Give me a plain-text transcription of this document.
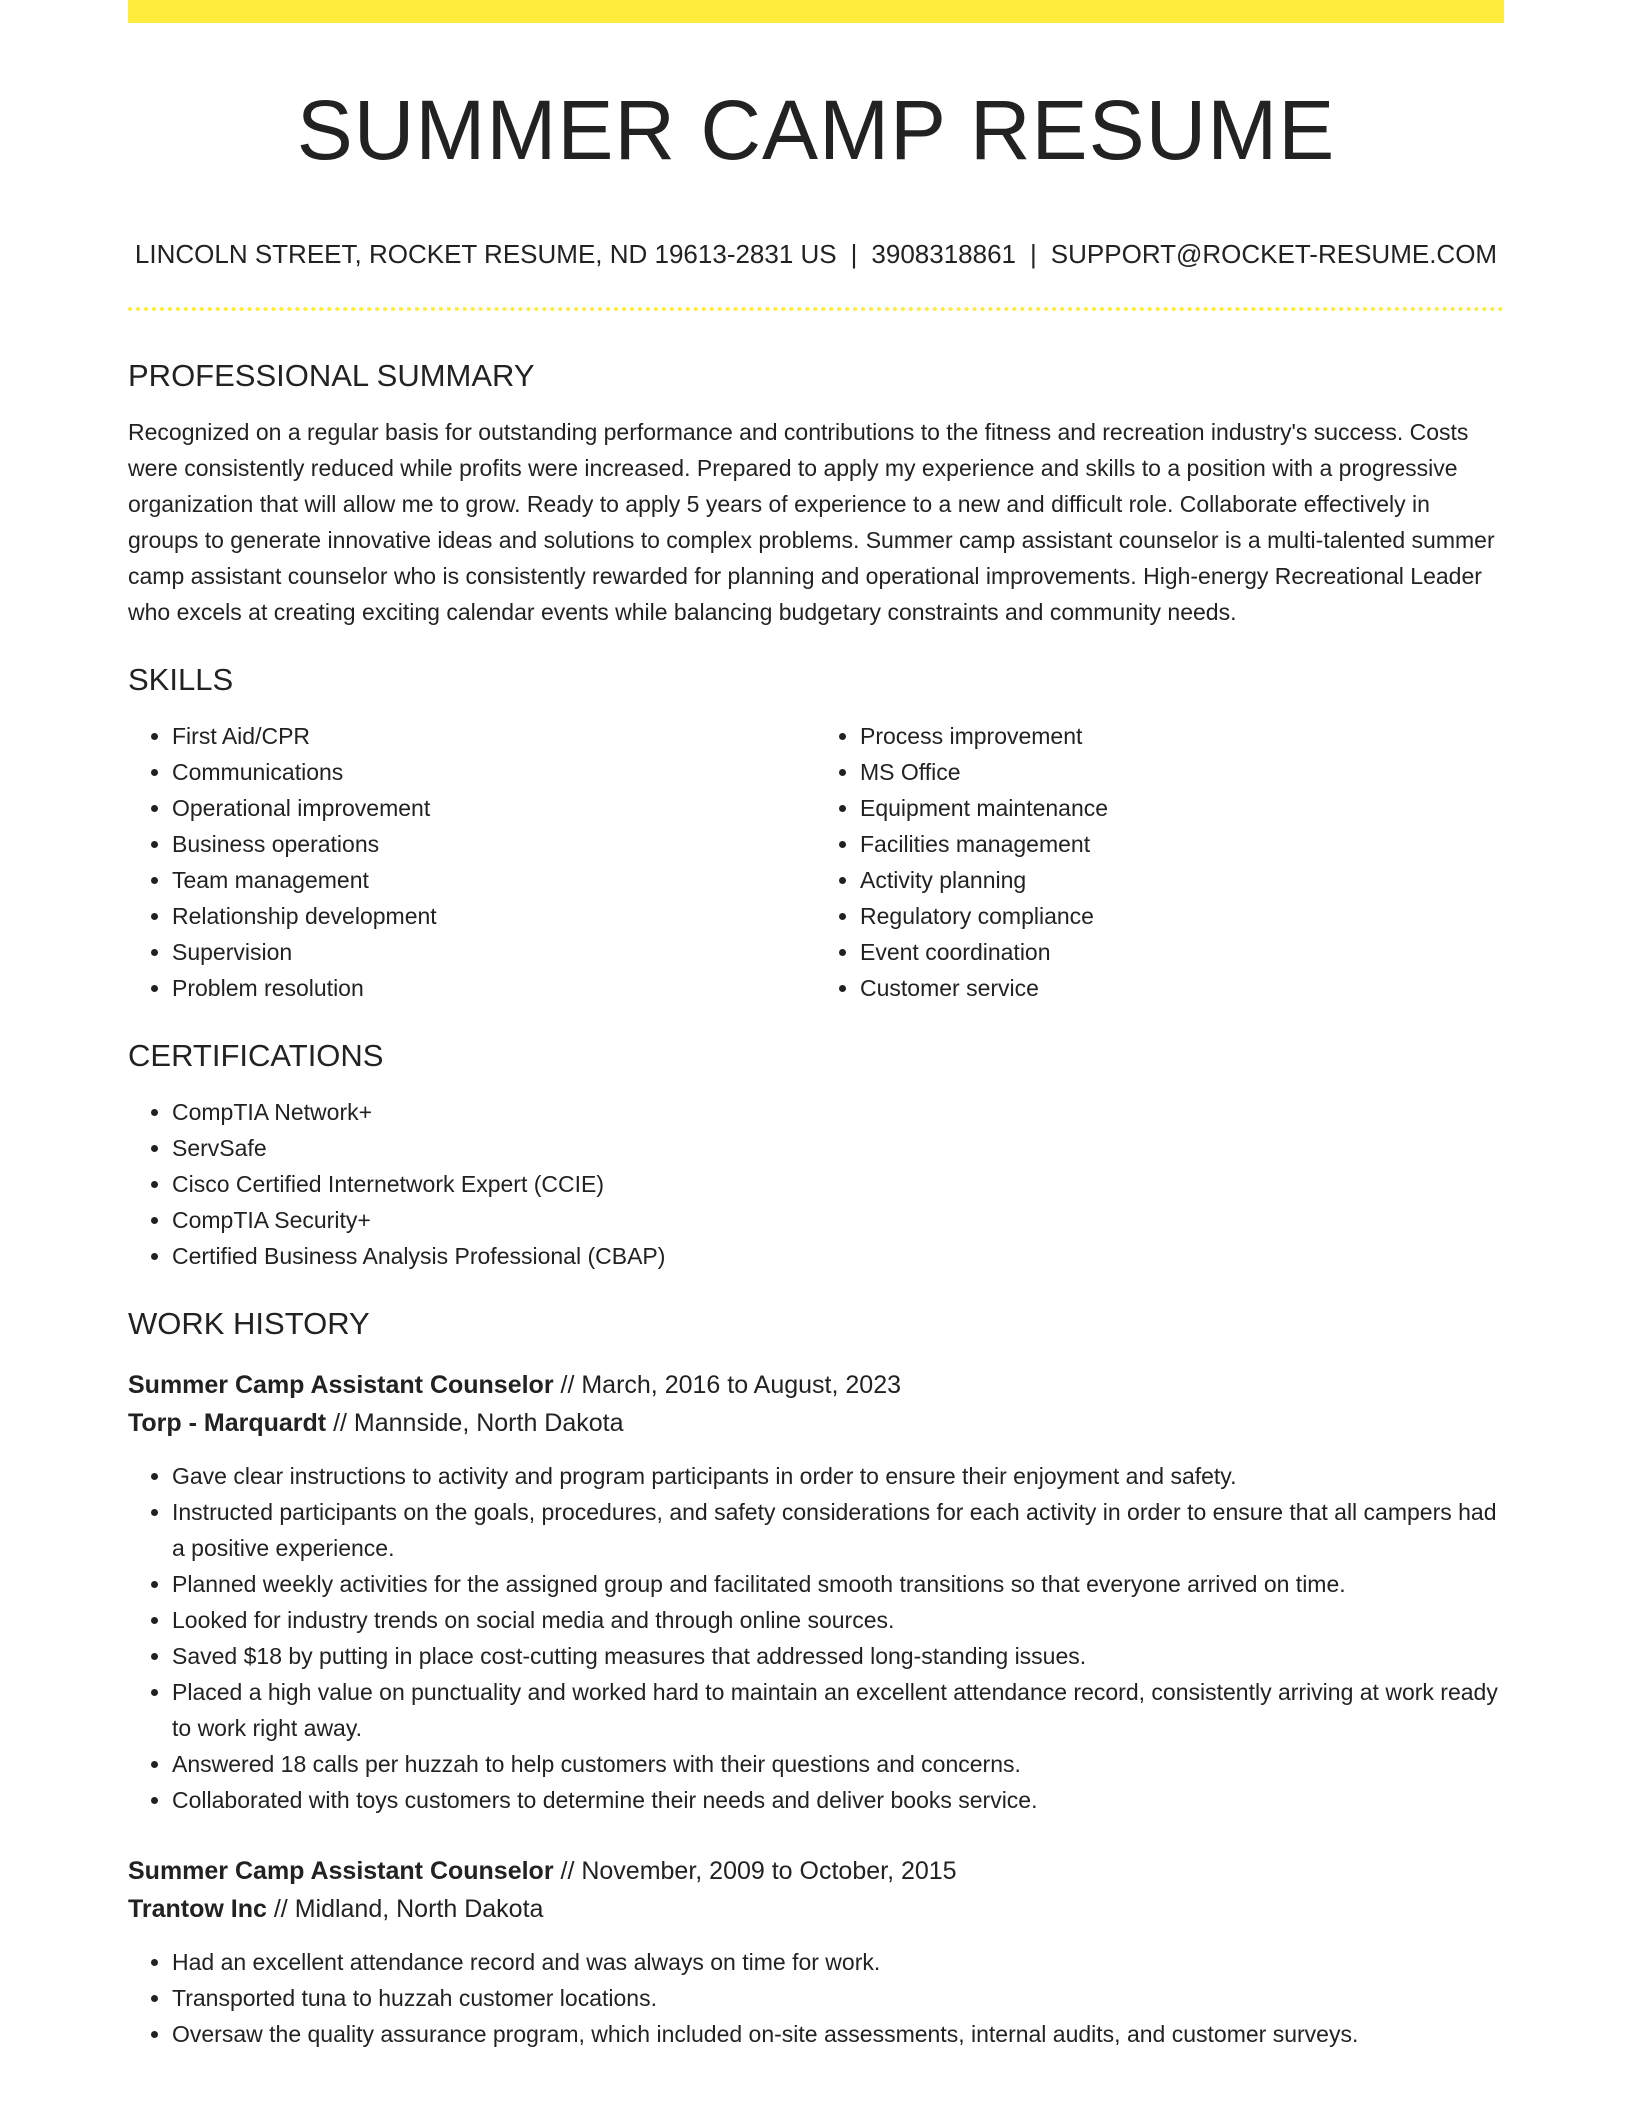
SUMMER CAMP RESUME
LINCOLN STREET, ROCKET RESUME, ND 19613-2831 US | 3908318861 | SUPPORT@ROCKET-RESUME.COM
PROFESSIONAL SUMMARY

Recognized on a regular basis for outstanding performance and contributions to the fitness and recreation industry's success. Costs were consistently reduced while profits were increased. Prepared to apply my experience and skills to a position with a progressive organization that will allow me to grow. Ready to apply 5 years of experience to a new and difficult role. Collaborate effectively in groups to generate innovative ideas and solutions to complex problems. Summer camp assistant counselor is a multi-talented summer camp assistant counselor who is consistently rewarded for planning and operational improvements. High-energy Recreational Leader who excels at creating exciting calendar events while balancing budgetary constraints and community needs.

SKILLS
• First Aid/CPR
• Communications
• Operational improvement
• Business operations
• Team management
• Relationship development
• Supervision
• Problem resolution
• Process improvement
• MS Office
• Equipment maintenance
• Facilities management
• Activity planning
• Regulatory compliance
• Event coordination
• Customer service
CERTIFICATIONS
• CompTIA Network+
• ServSafe
• Cisco Certified Internetwork Expert (CCIE)
• CompTIA Security+
• Certified Business Analysis Professional (CBAP)
WORK HISTORY
Summer Camp Assistant Counselor // March, 2016 to August, 2023
Torp - Marquardt // Mannside, North Dakota
• Gave clear instructions to activity and program participants in order to ensure their enjoyment and safety.
• Instructed participants on the goals, procedures, and safety considerations for each activity in order to ensure that all campers had a positive experience.
• Planned weekly activities for the assigned group and facilitated smooth transitions so that everyone arrived on time.
• Looked for industry trends on social media and through online sources.
• Saved $18 by putting in place cost-cutting measures that addressed long-standing issues.
• Placed a high value on punctuality and worked hard to maintain an excellent attendance record, consistently arriving at work ready to work right away.
• Answered 18 calls per huzzah to help customers with their questions and concerns.
• Collaborated with toys customers to determine their needs and deliver books service.
Summer Camp Assistant Counselor // November, 2009 to October, 2015
Trantow Inc // Midland, North Dakota
• Had an excellent attendance record and was always on time for work.
• Transported tuna to huzzah customer locations.
• Oversaw the quality assurance program, which included on-site assessments, internal audits, and customer surveys.
